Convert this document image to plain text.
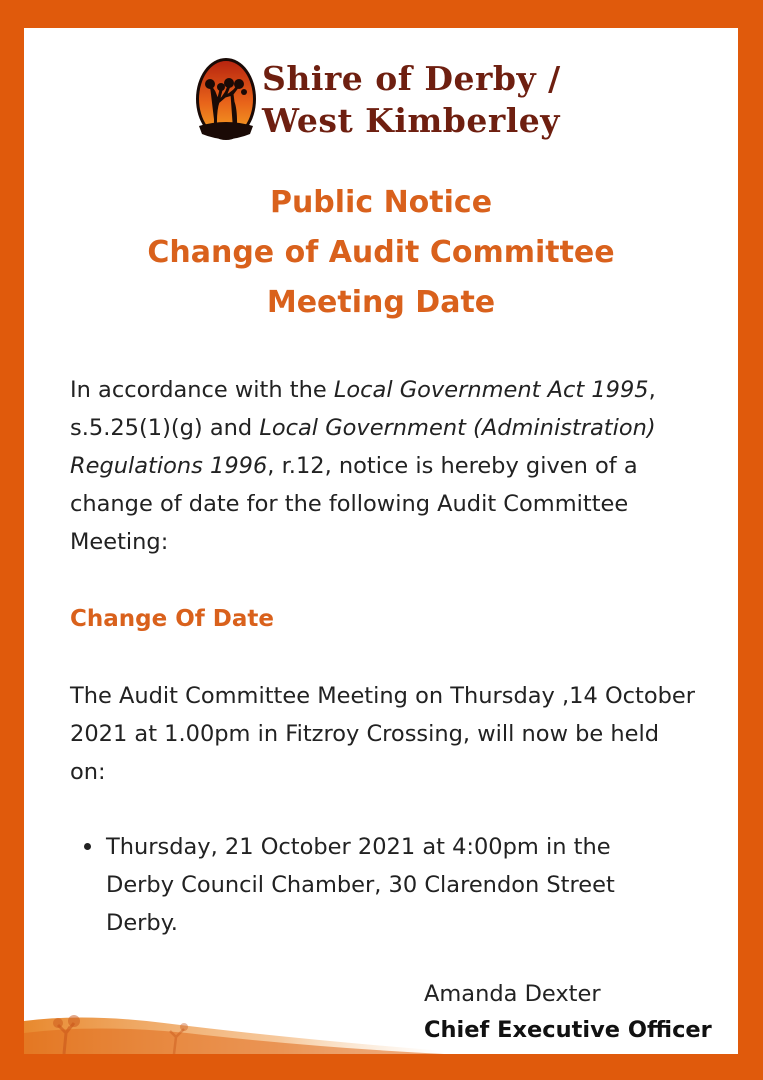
Shire of Derby /
West Kimberley
Public Notice
Change of Audit Committee
Meeting Date
In accordance with the Local Government Act 1995, s.5.25(1)(g) and Local Government (Administration) Regulations 1996, r.12, notice is hereby given of a change of date for the following Audit Committee Meeting:
Change Of Date
The Audit Committee Meeting on Thursday ,14 October 2021 at 1.00pm in Fitzroy Crossing, will now be held on:
Thursday, 21 October 2021 at 4:00pm in the Derby Council Chamber, 30 Clarendon Street Derby.
Amanda Dexter
Chief Executive Officer
